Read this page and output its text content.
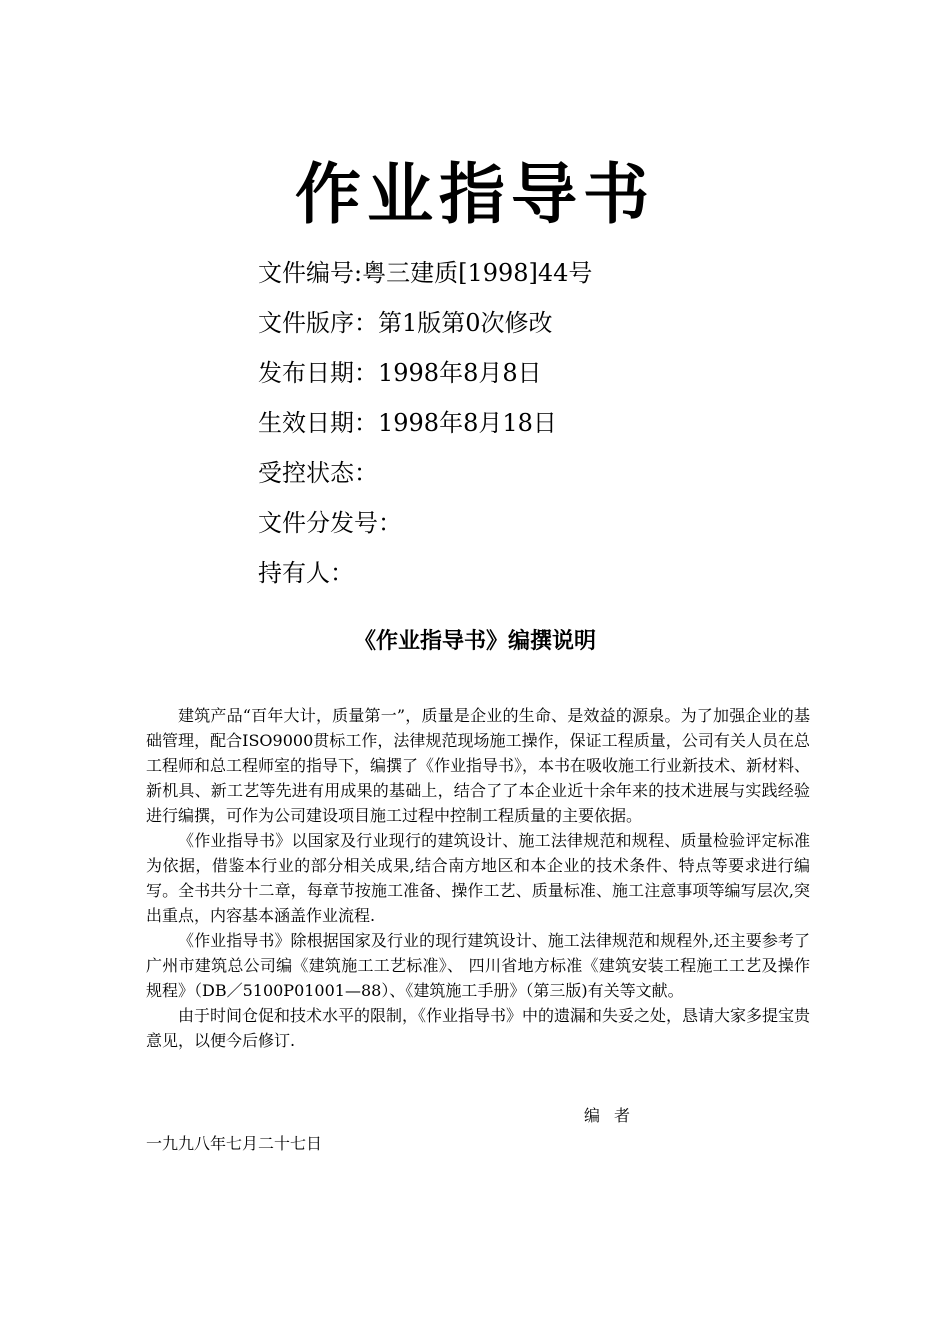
作业指导书
文件编号:粤三建质[1998]44号
文件版序：第1版第0次修改
发布日期：1998年8月8日
生效日期：1998年8月18日
受控状态：
文件分发号：
持有人：
《作业指导书》编撰说明

建筑产品“百年大计，质量第一”，质量是企业的生命、是效益的源泉。为了加强企业的基础管理，配合ISO9000贯标工作，法律规范现场施工操作，保证工程质量，公司有关人员在总工程师和总工程师室的指导下，编撰了《作业指导书》，本书在吸收施工行业新技术、新材料、新机具、新工艺等先进有用成果的基础上，结合了了本企业近十余年来的技术进展与实践经验进行编撰，可作为公司建设项目施工过程中控制工程质量的主要依据。

《作业指导书》以国家及行业现行的建筑设计、施工法律规范和规程、质量检验评定标准为依据，借鉴本行业的部分相关成果,结合南方地区和本企业的技术条件、特点等要求进行编写。全书共分十二章，每章节按施工准备、操作工艺、质量标准、施工注意事项等编写层次,突出重点，内容基本涵盖作业流程.

《作业指导书》除根据国家及行业的现行建筑设计、施工法律规范和规程外,还主要参考了广州市建筑总公司编《建筑施工工艺标准》、 四川省地方标准《建筑安装工程施工工艺及操作规程》（DB／5100P01001—88）、《建筑施工手册》（第三版)有关等文献。

由于时间仓促和技术水平的限制，《作业指导书》中的遗漏和失妥之处，恳请大家多提宝贵意见，以便今后修订.

编者
一九九八年七月二十七日
